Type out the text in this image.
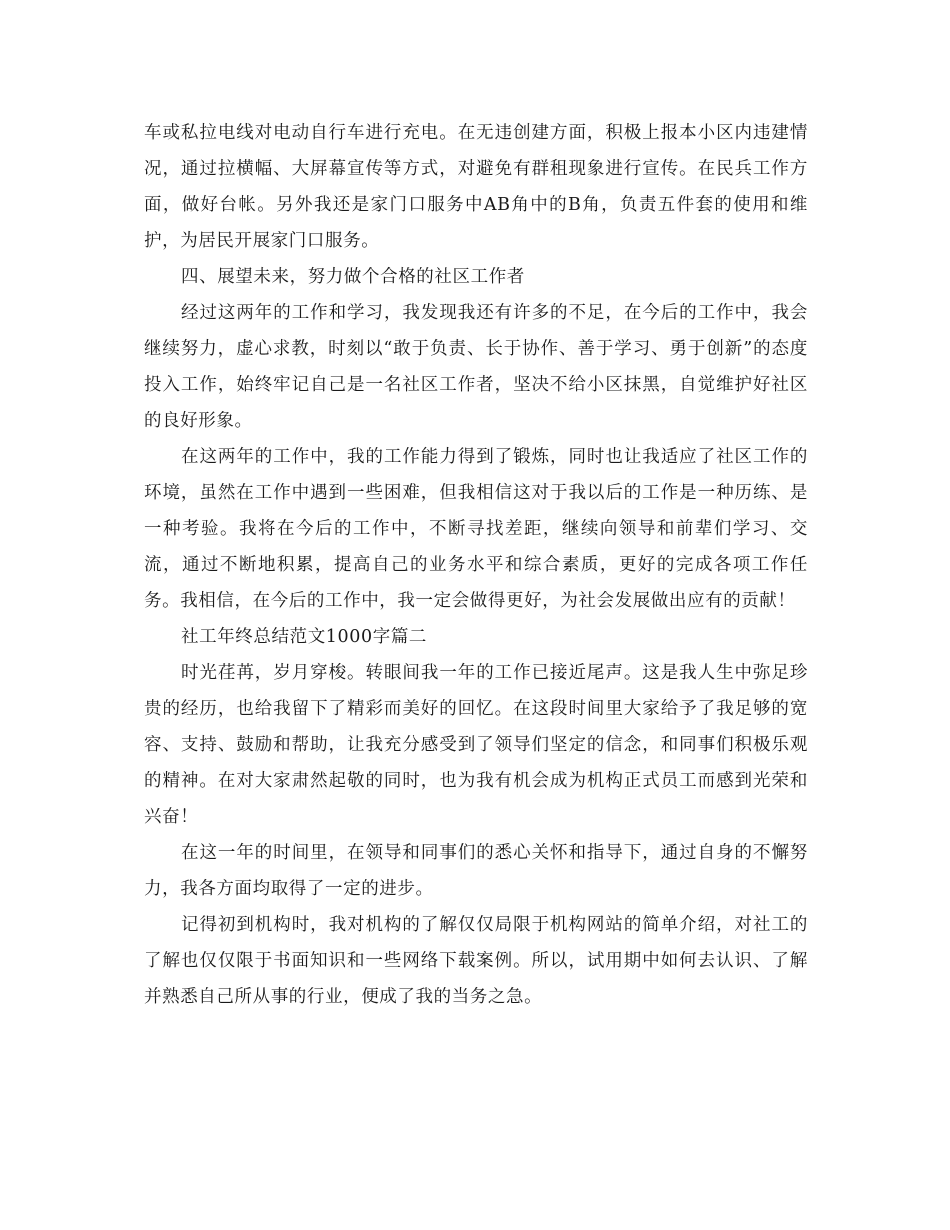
车或私拉电线对电动自行车进行充电。在无违创建方面，积极上报本小区内违建情况，通过拉横幅、大屏幕宣传等方式，对避免有群租现象进行宣传。在民兵工作方面，做好台帐。另外我还是家门口服务中AB角中的B角，负责五件套的使用和维护，为居民开展家门口服务。

四、展望未来，努力做个合格的社区工作者

经过这两年的工作和学习，我发现我还有许多的不足，在今后的工作中，我会继续努力，虚心求教，时刻以“敢于负责、长于协作、善于学习、勇于创新”的态度投入工作，始终牢记自己是一名社区工作者，坚决不给小区抹黑，自觉维护好社区的良好形象。

在这两年的工作中，我的工作能力得到了锻炼，同时也让我适应了社区工作的环境，虽然在工作中遇到一些困难，但我相信这对于我以后的工作是一种历练、是一种考验。我将在今后的工作中，不断寻找差距，继续向领导和前辈们学习、交流，通过不断地积累，提高自己的业务水平和综合素质，更好的完成各项工作任务。我相信，在今后的工作中，我一定会做得更好，为社会发展做出应有的贡献！

社工年终总结范文1000字篇二

时光荏苒，岁月穿梭。转眼间我一年的工作已接近尾声。这是我人生中弥足珍贵的经历，也给我留下了精彩而美好的回忆。在这段时间里大家给予了我足够的宽容、支持、鼓励和帮助，让我充分感受到了领导们坚定的信念，和同事们积极乐观的精神。在对大家肃然起敬的同时，也为我有机会成为机构正式员工而感到光荣和兴奋！

在这一年的时间里，在领导和同事们的悉心关怀和指导下，通过自身的不懈努力，我各方面均取得了一定的进步。

记得初到机构时，我对机构的了解仅仅局限于机构网站的简单介绍，对社工的了解也仅仅限于书面知识和一些网络下载案例。所以，试用期中如何去认识、了解并熟悉自己所从事的行业，便成了我的当务之急。
